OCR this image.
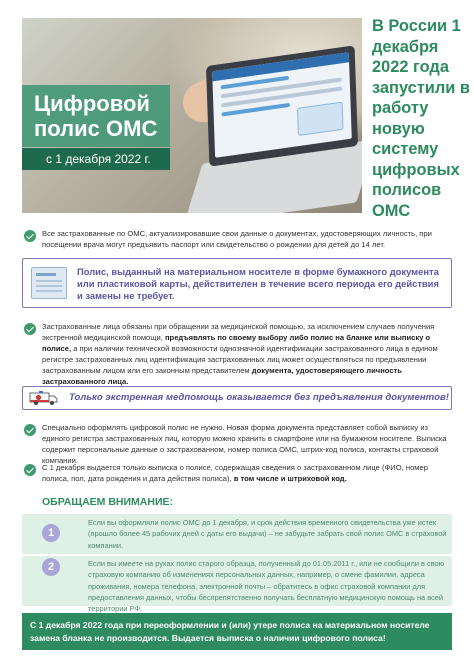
Цифровой
полис ОМС
с 1 декабря 2022 г.
В России 1 декабря 2022 года запустили в работу новую систему цифровых полисов ОМС
Все застрахованные по ОМС, актуализировавшие свои данные о документах, удостоверяющих личность, при посещении врача могут предъявить паспорт или свидетельство о рождении для детей до 14 лет.
Полис, выданный на материальном носителе в форме бумажного документа или пластиковой карты, действителен в течение всего периода его действия и замены не требует.
Застрахованные лица обязаны при обращении за медицинской помощью, за исключением случаев получения экстренной медицинской помощи, предъявлять по своему выбору либо полис на бланке или выписку о полисе, а при наличии технической возможности однозначной идентификации застрахованного лица в едином регистре застрахованных лиц идентификация застрахованных лиц может осуществляться по предъявлении застрахованным лицом или его законным представителем документа, удостоверяющего личность застрахованного лица.
Только экстренная медпомощь оказывается без предъявления документов!
Специально оформлять цифровой полис не нужно. Новая форма документа представляет собой выписку из единого регистра застрахованных лиц, которую можно хранить в смартфоне или на бумажном носителе. Выписка содержит персональные данные о застрахованном, номер полиса ОМС, штрих-код полиса, контакты страховой компании.
С 1 декабря выдается только выписка о полисе, содержащая сведения о застрахованном лице (ФИО, номер полиса, пол, дата рождения и дата действия полиса), в том числе и штриховой код.
ОБРАЩАЕМ ВНИМАНИЕ:
1
Если вы оформляли полис ОМС до 1 декабря, и срок действия временного свидетельства уже истек (прошло более 45 рабочих дней с даты его выдачи) – не забудьте забрать свой полис ОМС в страховой компании.
2	Если вы имеете на руках полис старого образца, полученный до 01.05.2011 г., или не сообщили в свою страховую компанию об изменениях персональных данных, например, о смене фамилии, адреса проживания, номера телефона, электронной почты – обратитесь в офис страховой компании для предоставления данных, чтобы беспрепятственно получать бесплатную медицинскую помощь на всей территории РФ.
С 1 декабря 2022 года при переоформлении и (или) утере полиса на материальном носителе замена бланка не производится. Выдается выписка о наличии цифрового полиса!
